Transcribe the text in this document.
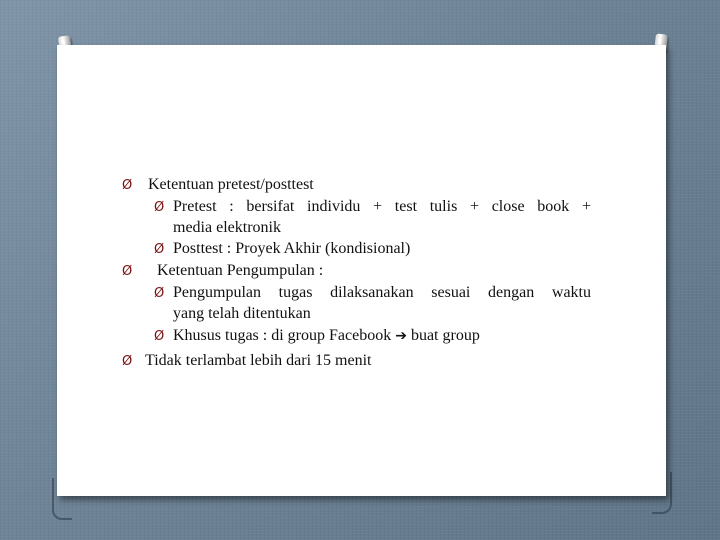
Ø Ketentuan pretest/posttest
Ø Pretest : bersifat individu + test tulis + close book +
media elektronik
Ø Posttest : Proyek Akhir (kondisional)
Ø Ketentuan Pengumpulan :
Ø Pengumpulan tugas dilaksanakan sesuai dengan waktu
yang telah ditentukan
Ø Khusus tugas : di group Facebook ➔ buat group
Ø Tidak terlambat lebih dari 15 menit
